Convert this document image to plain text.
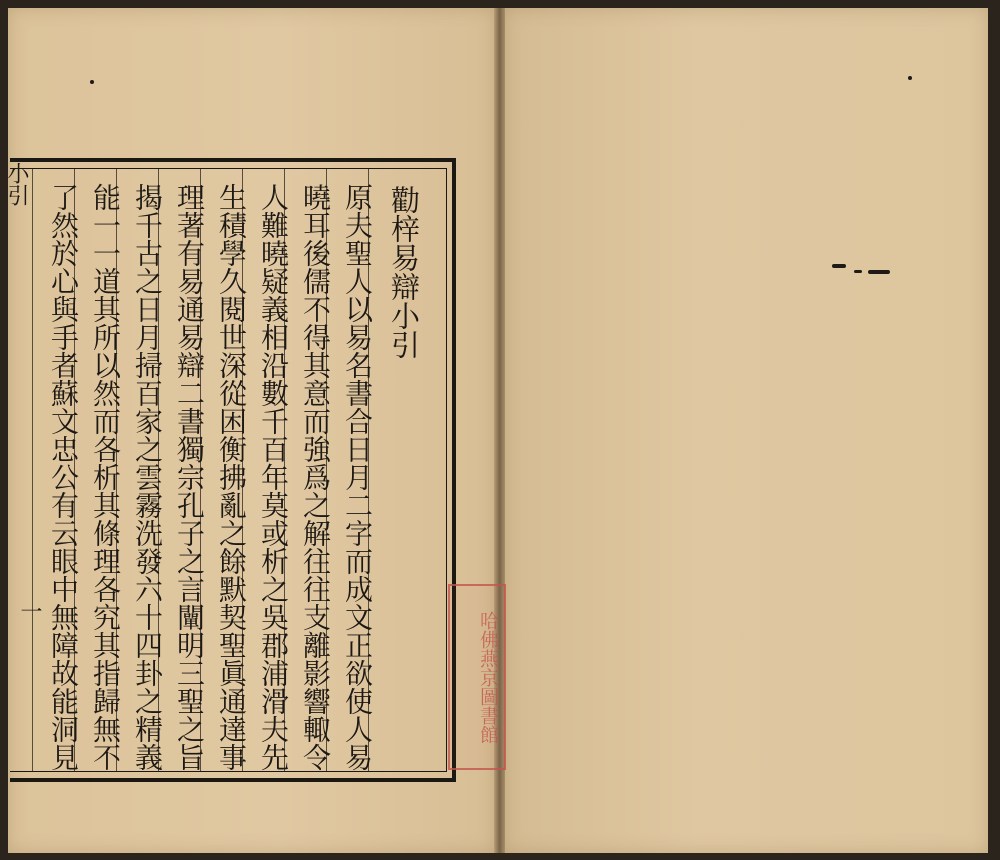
勸梓易辯小引
原夫聖人以易名書合日月二字而成文正欲使人易
曉耳後儒不得其意而強爲之解往往支離影響輙令
人難曉疑義相沿數千百年莫或析之吳郡浦滑夫先
生積學久閱世深從困衡拂亂之餘默契聖眞通達事
理著有易通易辯二書獨宗孔子之言闡明三聖之旨
揭千古之日月掃百家之雲霧洗發六十四卦之精義
能一一道其所以然而各析其條理各究其指歸無不
了然於心與手者蘇文忠公有云眼中無障故能洞見
小引
一	哈佛燕京圖書館
